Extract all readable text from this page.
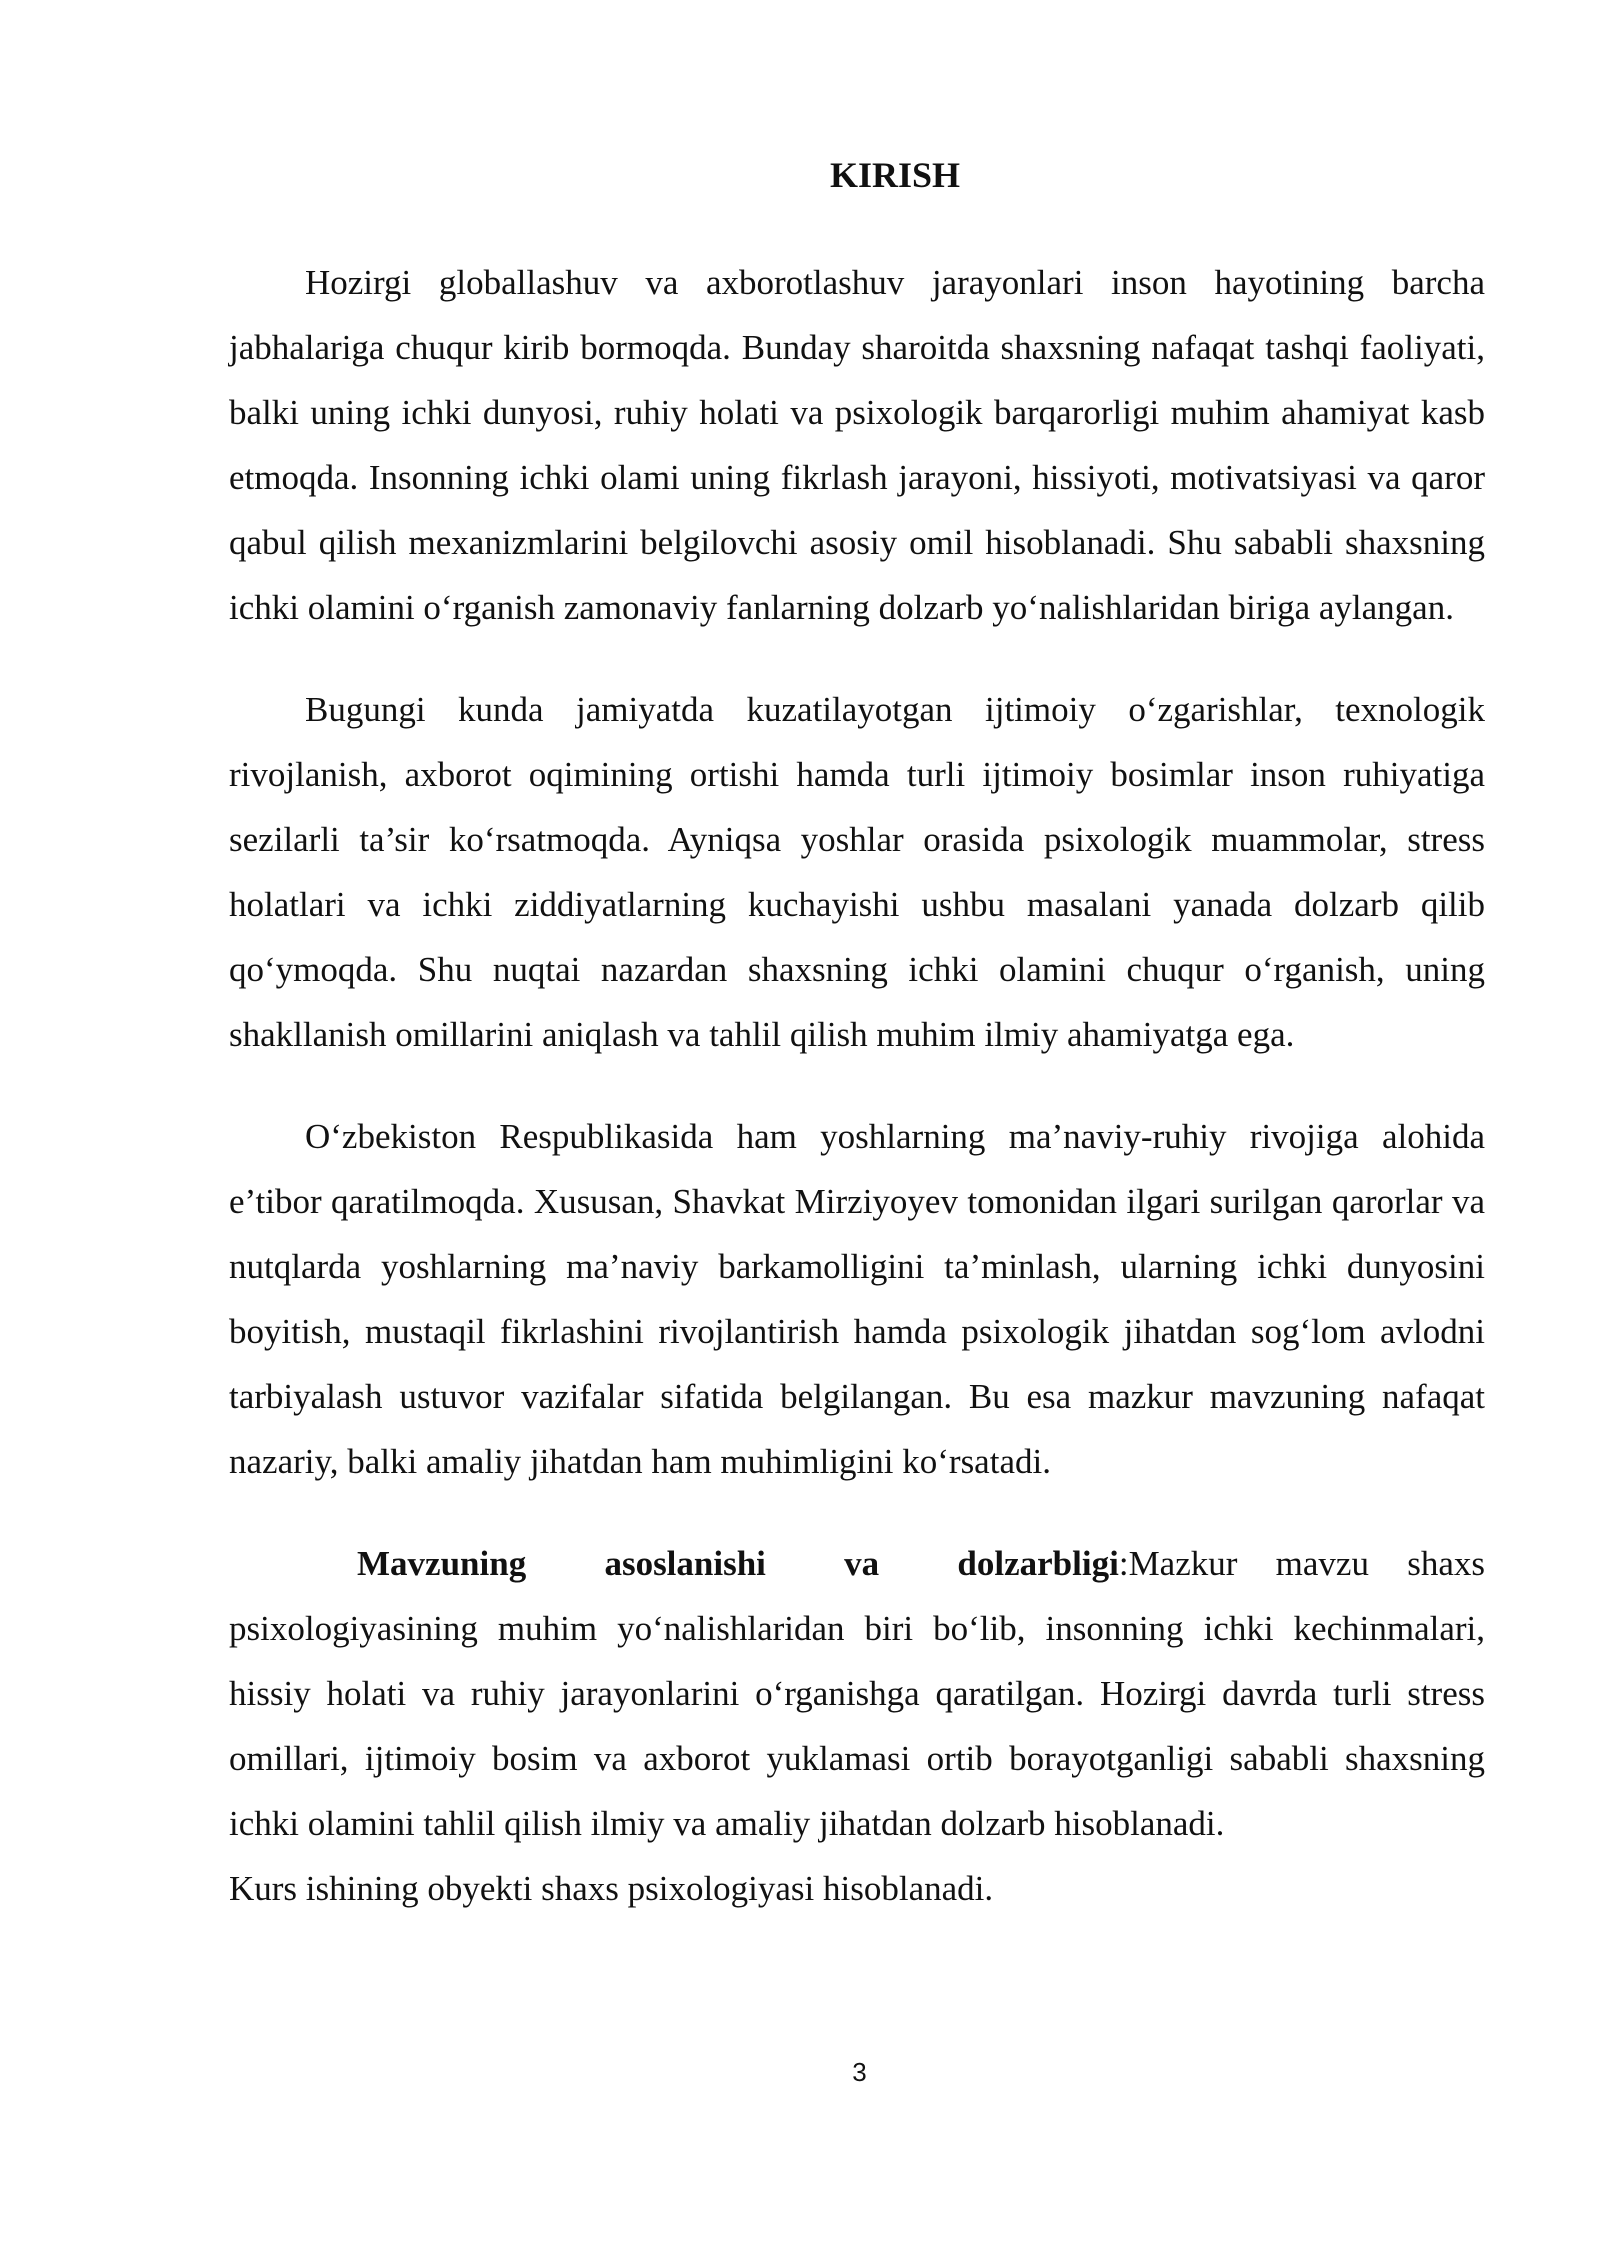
KIRISH

Hozirgi globallashuv va axborotlashuv jarayonlari inson hayotining barcha jabhalariga chuqur kirib bormoqda. Bunday sharoitda shaxsning nafaqat tashqi faoliyati, balki uning ichki dunyosi, ruhiy holati va psixologik barqarorligi muhim ahamiyat kasb etmoqda. Insonning ichki olami uning fikrlash jarayoni, hissiyoti, motivatsiyasi va qaror qabul qilish mexanizmlarini belgilovchi asosiy omil hisoblanadi. Shu sababli shaxsning ichki olamini o‘rganish zamonaviy fanlarning dolzarb yo‘nalishlaridan biriga aylangan.

Bugungi kunda jamiyatda kuzatilayotgan ijtimoiy o‘zgarishlar, texnologik rivojlanish, axborot oqimining ortishi hamda turli ijtimoiy bosimlar inson ruhiyatiga sezilarli ta’sir ko‘rsatmoqda. Ayniqsa yoshlar orasida psixologik muammolar, stress holatlari va ichki ziddiyatlarning kuchayishi ushbu masalani yanada dolzarb qilib qo‘ymoqda. Shu nuqtai nazardan shaxsning ichki olamini chuqur o‘rganish, uning shakllanish omillarini aniqlash va tahlil qilish muhim ilmiy ahamiyatga ega.

O‘zbekiston Respublikasida ham yoshlarning ma’naviy-ruhiy rivojiga alohida e’tibor qaratilmoqda. Xususan, Shavkat Mirziyoyev tomonidan ilgari surilgan qarorlar va nutqlarda yoshlarning ma’naviy barkamolligini ta’minlash, ularning ichki dunyosini boyitish, mustaqil fikrlashini rivojlantirish hamda psixologik jihatdan sog‘lom avlodni tarbiyalash ustuvor vazifalar sifatida belgilangan. Bu esa mazkur mavzuning nafaqat nazariy, balki amaliy jihatdan ham muhimligini ko‘rsatadi.

Mavzuning asoslanishi va dolzarbligi:Mazkur mavzu shaxs psixologiyasining muhim yo‘nalishlaridan biri bo‘lib, insonning ichki kechinmalari, hissiy holati va ruhiy jarayonlarini o‘rganishga qaratilgan. Hozirgi davrda turli stress omillari, ijtimoiy bosim va axborot yuklamasi ortib borayotganligi sababli shaxsning ichki olamini tahlil qilish ilmiy va amaliy jihatdan dolzarb hisoblanadi.

Kurs ishining obyekti shaxs psixologiyasi hisoblanadi.

3
